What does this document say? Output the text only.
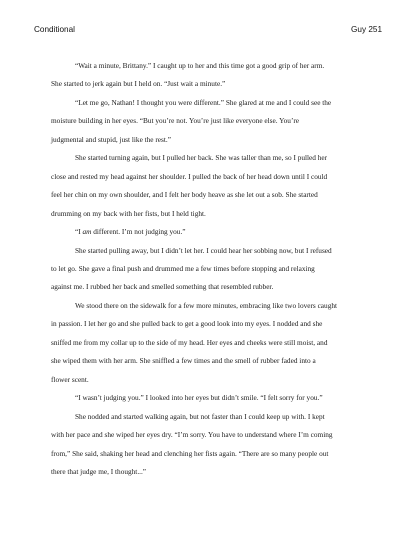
Conditional	Guy 251

“Wait a minute, Brittany.” I caught up to her and this time got a good grip of her arm.
She started to jerk again but I held on. “Just wait a minute.”

“Let me go, Nathan! I thought you were different.” She glared at me and I could see the
moisture building in her eyes. “But you’re not. You’re just like everyone else. You’re
judgmental and stupid, just like the rest.”

She started turning again, but I pulled her back. She was taller than me, so I pulled her
close and rested my head against her shoulder. I pulled the back of her head down until I could
feel her chin on my own shoulder, and I felt her body heave as she let out a sob. She started
drumming on my back with her fists, but I held tight.

“I am different. I’m not judging you.”

She started pulling away, but I didn’t let her. I could hear her sobbing now, but I refused
to let go. She gave a final push and drummed me a few times before stopping and relaxing
against me. I rubbed her back and smelled something that resembled rubber.

We stood there on the sidewalk for a few more minutes, embracing like two lovers caught
in passion. I let her go and she pulled back to get a good look into my eyes. I nodded and she
sniffed me from my collar up to the side of my head. Her eyes and cheeks were still moist, and
she wiped them with her arm. She sniffled a few times and the smell of rubber faded into a
flower scent.

“I wasn’t judging you.” I looked into her eyes but didn’t smile. “I felt sorry for you.”

She nodded and started walking again, but not faster than I could keep up with. I kept
with her pace and she wiped her eyes dry. “I’m sorry. You have to understand where I’m coming
from,” She said, shaking her head and clenching her fists again. “There are so many people out
there that judge me, I thought...”
